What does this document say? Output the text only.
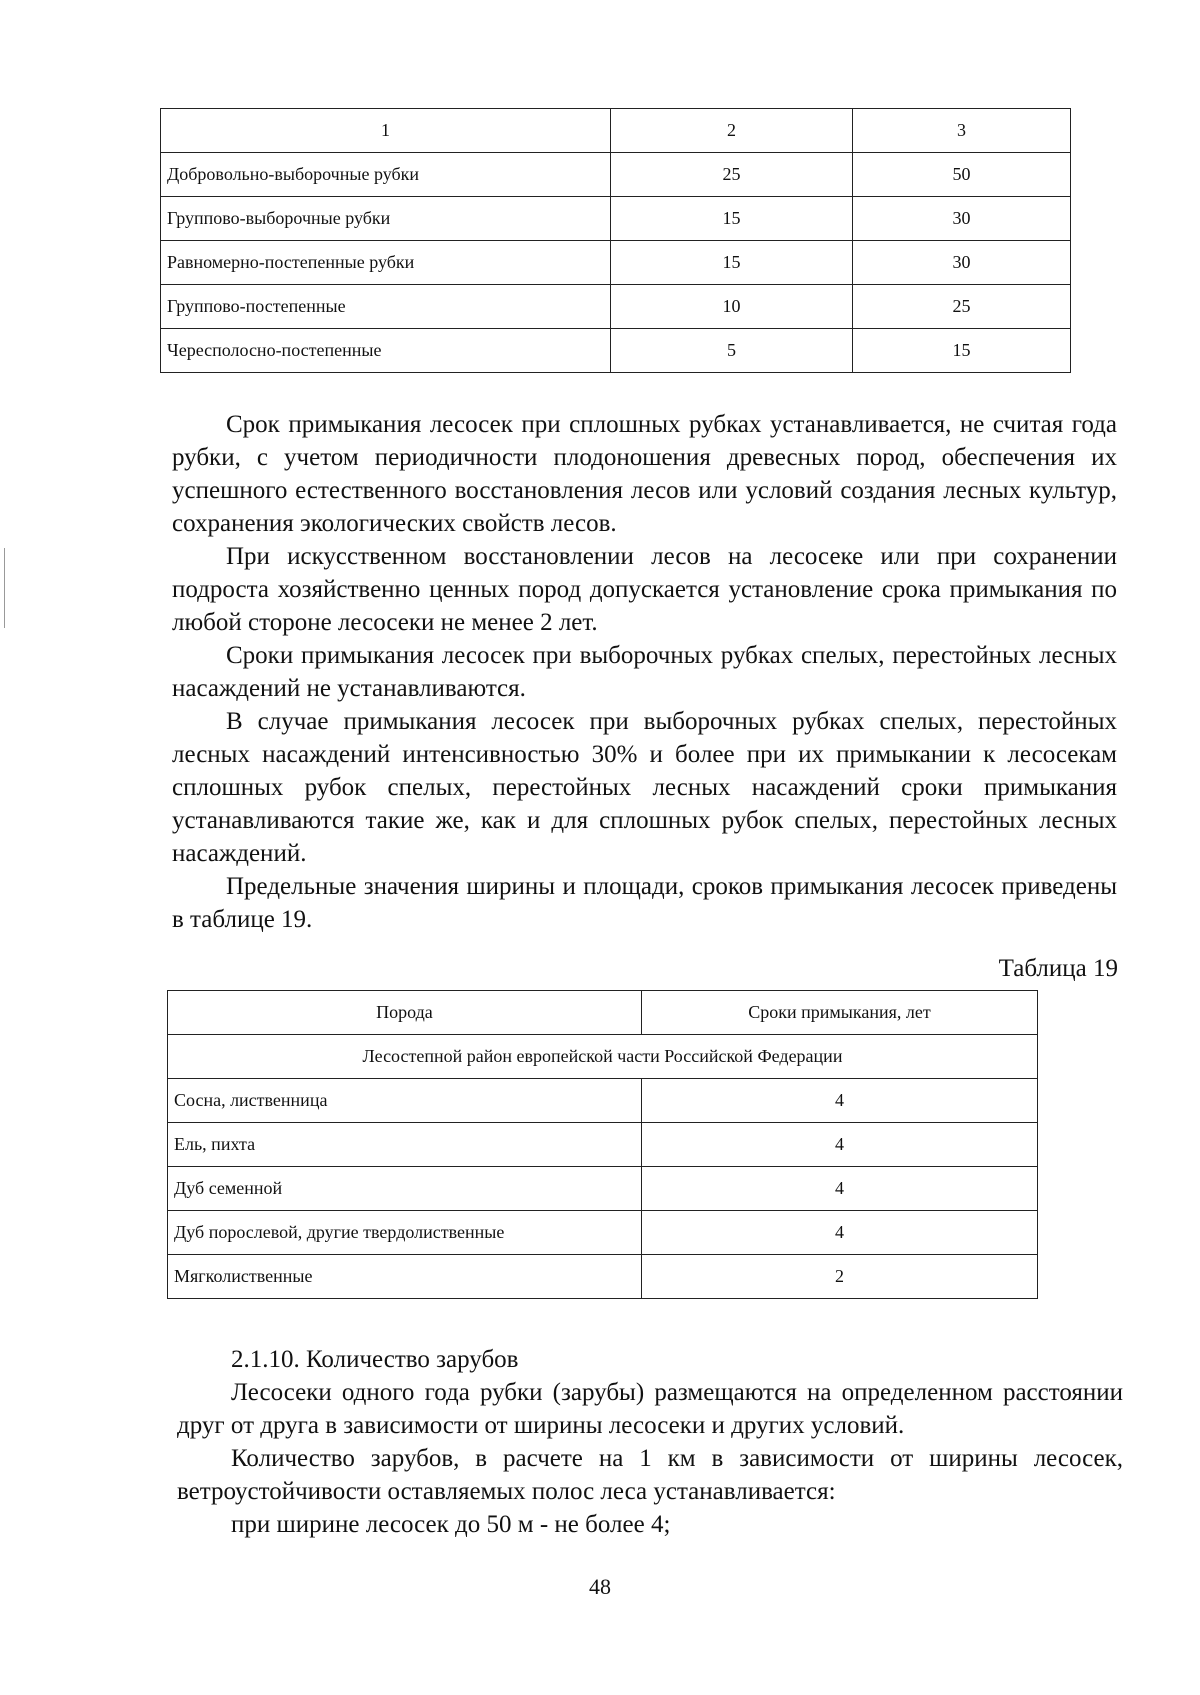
1	2	3
Добровольно-выборочные рубки	25	50
Группово-выборочные рубки	15	30
Равномерно-постепенные рубки	15	30
Группово-постепенные	10	25
Чересполосно-постепенные	5	15

Срок примыкания лесосек при сплошных рубках устанавливается, не считая года рубки, с учетом периодичности плодоношения древесных пород, обеспечения их успешного естественного восстановления лесов или условий создания лесных культур, сохранения экологических свойств лесов.

При искусственном восстановлении лесов на лесосеке или при сохранении подроста хозяйственно ценных пород допускается установление срока примыкания по любой стороне лесосеки не менее 2 лет.

Сроки примыкания лесосек при выборочных рубках спелых, перестойных лесных насаждений не устанавливаются.

В случае примыкания лесосек при выборочных рубках спелых, перестойных лесных насаждений интенсивностью 30% и более при их примыкании к лесосекам сплошных рубок спелых, перестойных лесных насаждений сроки примыкания устанавливаются такие же, как и для сплошных рубок спелых, перестойных лесных насаждений.

Предельные значения ширины и площади, сроков примыкания лесосек приведены в таблице 19.

Таблица 19
Порода	Сроки примыкания, лет
Лесостепной район европейской части Российской Федерации	
Сосна, лиственница	4
Ель, пихта	4
Дуб семенной	4
Дуб порослевой, другие твердолиственные	4
Мягколиственные	2

2.1.10. Количество зарубов

Лесосеки одного года рубки (зарубы) размещаются на определенном расстоянии друг от друга в зависимости от ширины лесосеки и других условий.

Количество зарубов, в расчете на 1 км в зависимости от ширины лесосек, ветроустойчивости оставляемых полос леса устанавливается:

при ширине лесосек до 50 м - не более 4;

48
